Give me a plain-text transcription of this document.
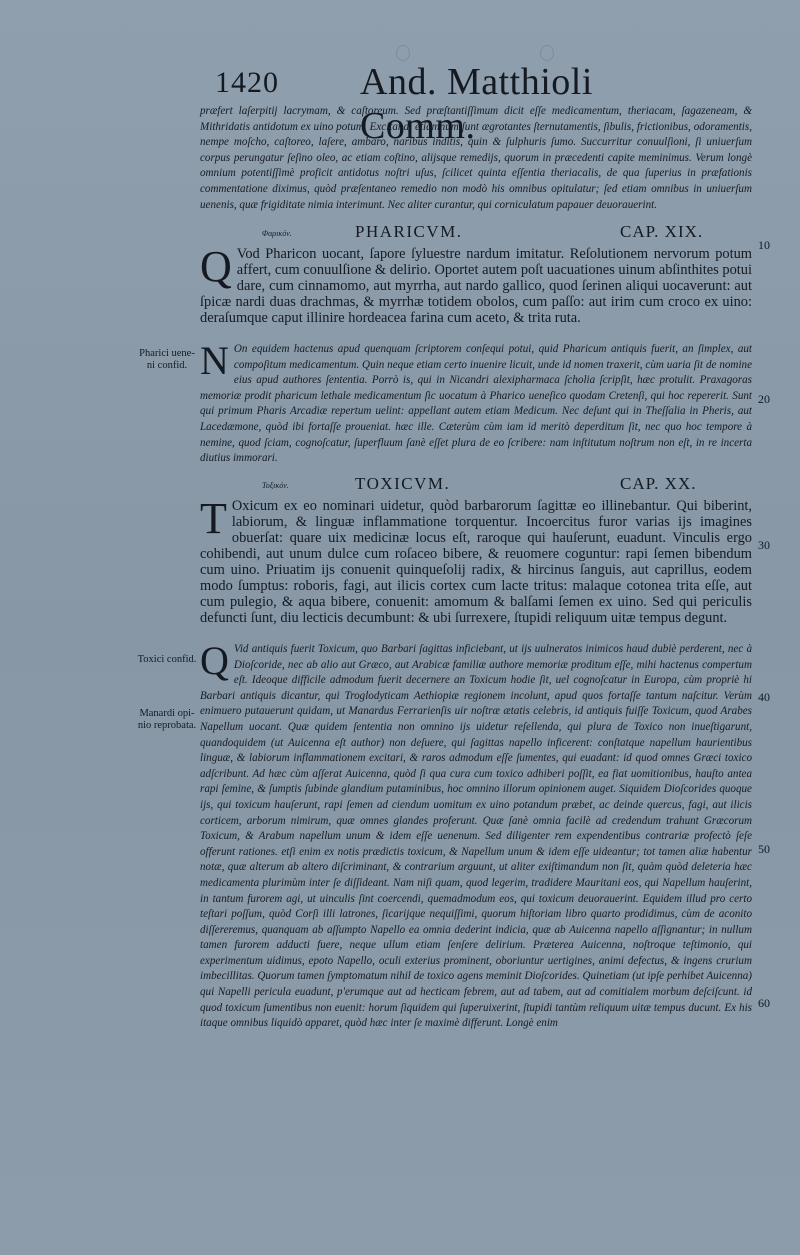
1420 And. Matthioli Comm.

præfert laſerpitij lacrymam, & caſtoreum. Sed præſtantiſſimum dicit eſſe medicamentum, theriacam, ſagazeneam, & Mithridatis antidotum ex uino potum. Excitandi etiamnum ſunt ægrotantes ſternutamentis, ſibulis, frictionibus, odoramentis, nempe moſcho, caſtoreo, laſere, ambaro, naribus inditis, quin & ſulphuris ſumo. Succurritur conuulſioni, ſi uniuerſum corpus perungatur ſeſino oleo, ac etiam coſtino, alijsque remedijs, quorum in præcedenti capite meminimus. Verum longè omnium potentiſſimè proficit antidotus noſtri uſus, ſcilicet quinta eſſentia theriacalis, de qua ſuperius in præfationis commentatione diximus, quòd præſentaneo remedio non modò his omnibus opitulatur; ſed etiam omnibus in uniuerſum uenenis, quæ frigiditate nimia interimunt. Nec aliter curantur, qui corniculatum papauer deuorauerint.

Φαρικόν.	PHARICVM.	CAP. XIX.

Q Vod Pharicon uocant, ſapore ſyluestre nardum imitatur. Reſolutionem nervorum potum affert, cum conuulſione & delirio. Oportet autem poſt uacuationes uinum abſinthites potui dare, cum cinnamomo, aut myrrha, aut nardo gallico, quod ſerinen aliqui uocaverunt: aut ſpicæ nardi duas drachmas, & myrrhæ totidem obolos, cum paſſo: aut irim cum croco ex uino: deraſumque caput illinire hordeacea farina cum aceto, & trita ruta.

Pharici uene-ni confid. N On equidem hactenus apud quenquam ſcriptorem conſequi potui, quid Pharicum antiquis fuerit, an ſimplex, aut compoſitum medicamentum. Quin neque etiam certo inuenire licuit, unde id nomen traxerit, cùm uaria ſit de nomine eius apud authores ſententia. Porrò is, qui in Nicandri alexipharmaca ſcholia ſcripſit, hæc protulit. Praxagoras memoriæ prodit pharicum lethale medicamentum ſic uocatum à Pharico ueneſico quodam Cretenſi, qui hoc repererit. Sunt qui primum Pharis Arcadiæ repertum uelint: appellant autem etiam Medicum. Nec deſunt qui in Theſſalia in Pheris, aut Lacedæmone, quòd ibi fortaſſe proueniat. hæc ille. Cæterùm cùm iam id meritò deperditum ſit, nec quo hoc tempore à nemine, quod ſciam, cognoſcatur, ſuperfluum ſanè eſſet plura de eo ſcribere: nam inſtitutum noſtrum non eſt, in re incerta diutius immorari.

Τοξικόν.	TOXICVM.	CAP. XX.

T Oxicum ex eo nominari uidetur, quòd barbarorum ſagittæ eo illinebantur. Qui biberint, labiorum, & linguæ inflammatione torquentur. Incoercitus furor varias ijs imagines obuerſat: quare uix medicinæ locus eſt, raroque qui hauſerunt, euadunt. Vinculis ergo cohibendi, aut unum dulce cum roſaceo bibere, & reuomere coguntur: rapi ſemen bibendum cum uino. Priuatim ijs conuenit quinqueſolij radix, & hircinus ſanguis, aut caprillus, eodem modo ſumptus: roboris, fagi, aut ilicis cortex cum lacte tritus: malaque cotonea trita eſſe, aut cum pulegio, & aqua bibere, conuenit: amomum & balſami ſemen ex uino. Sed qui periculis defuncti ſunt, diu lecticis decumbunt: & ubi ſurrexere, ſtupidi reliquum uitæ tempus degunt.

Toxici confid.
Manardi opi-nio reprobata.

Q Vid antiquis fuerit Toxicum, quo Barbari ſagittas inficiebant, ut ijs uulneratos inimicos haud dubiè perderent, nec à Dioſcoride, nec ab alio aut Græco, aut Arabicæ familiæ authore memoriæ proditum eſſe, mihi hactenus compertum eſt. Ideoque difficile admodum fuerit decernere an Toxicum hodie ſit, uel cognoſcatur in Europa, cùm propriè hi Barbari antiquis dicantur, qui Troglodyticam Aethiopiæ regionem incolunt, apud quos fortaſſe tantum naſcitur. Verùm enimuero putauerunt quidam, ut Manardus Ferrarienſis uir noſtræ ætatis celebris, id antiquis fuiſſe Toxicum, quod Arabes Napellum uocant. Quæ quidem ſententia non omnino ijs uidetur reſellenda, qui plura de Toxico non inueſtigarunt, quandoquidem (ut Auicenna eſt author) non deſuere, qui ſagittas napello inficerent: conſtatque napellum haurientibus linguæ, & labiorum inflammationem excitari, & raros admodum eſſe ſumentes, qui euadant: id quod omnes Græci toxico adſcribunt. Ad hæc cùm aſſerat Auicenna, quòd ſi qua cura cum toxico adhiberi poſſit, ea fiat uomitionibus, hauſto antea rapi ſemine, & ſumptis ſubinde glandium putaminibus, hoc omnino illorum opinionem auget. Siquidem Dioſcorides quoque ijs, qui toxicum hauſerunt, rapi ſemen ad ciendum uomitum ex uino potandum præbet, ac deinde quercus, fagi, aut ilicis corticem, arborum nimirum, quæ omnes glandes proferunt. Quæ ſanè omnia facilè ad credendum trahunt Græcorum Toxicum, & Arabum napellum unum & idem eſſe uenenum. Sed diligenter rem expendentibus contrariæ profectò ſeſe offerunt rationes. etſi enim ex notis prædictis toxicum, & Napellum unum & idem eſſe uideantur; tot tamen aliæ habentur notæ, quæ alterum ab altero diſcriminant, & contrarium arguunt, ut aliter exiſtimandum non ſit, quàm quòd deleteria hæc medicamenta plurimùm inter ſe diſſideant. Nam niſi quam, quod legerim, tradidere Mauritani eos, qui Napellum hauſerint, in tantum furorem agi, ut uinculis ſint coercendi, quemadmodum eos, qui toxicum deuorauerint. Equidem illud pro certo teſtari poſſum, quòd Corſi illi latrones, ſicarijque nequiſſimi, quorum hiſtoriam libro quarto prodidimus, cùm de aconito diſſereremus, quanquam ab aſſumpto Napello ea omnia dederint indicia, quæ ab Auicenna napello aſſignantur; in nullum tamen furorem adducti fuere, neque ullum etiam ſenſere delirium. Præterea Auicenna, noſtroque teſtimonio, qui experimentum uidimus, epoto Napello, oculi exterius prominent, oboriuntur uertigines, animi defectus, & ingens crurium imbecillitas. Quorum tamen ſymptomatum nihil de toxico agens meminit Dioſcorides. Quinetiam (ut ipſe perhibet Auicenna) qui Napelli pericula euadunt, p'erumque aut ad hecticam febrem, aut ad tabem, aut ad comitialem morbum deſciſcunt. id quod toxicum ſumentibus non euenit: horum ſiquidem qui ſuperuixerint, ſtupidi tantùm reliquum uitæ tempus ducunt. Ex his itaque omnibus liquidò apparet, quòd hæc inter ſe maximè differunt. Longè enim

10
20
30
40
50
60
